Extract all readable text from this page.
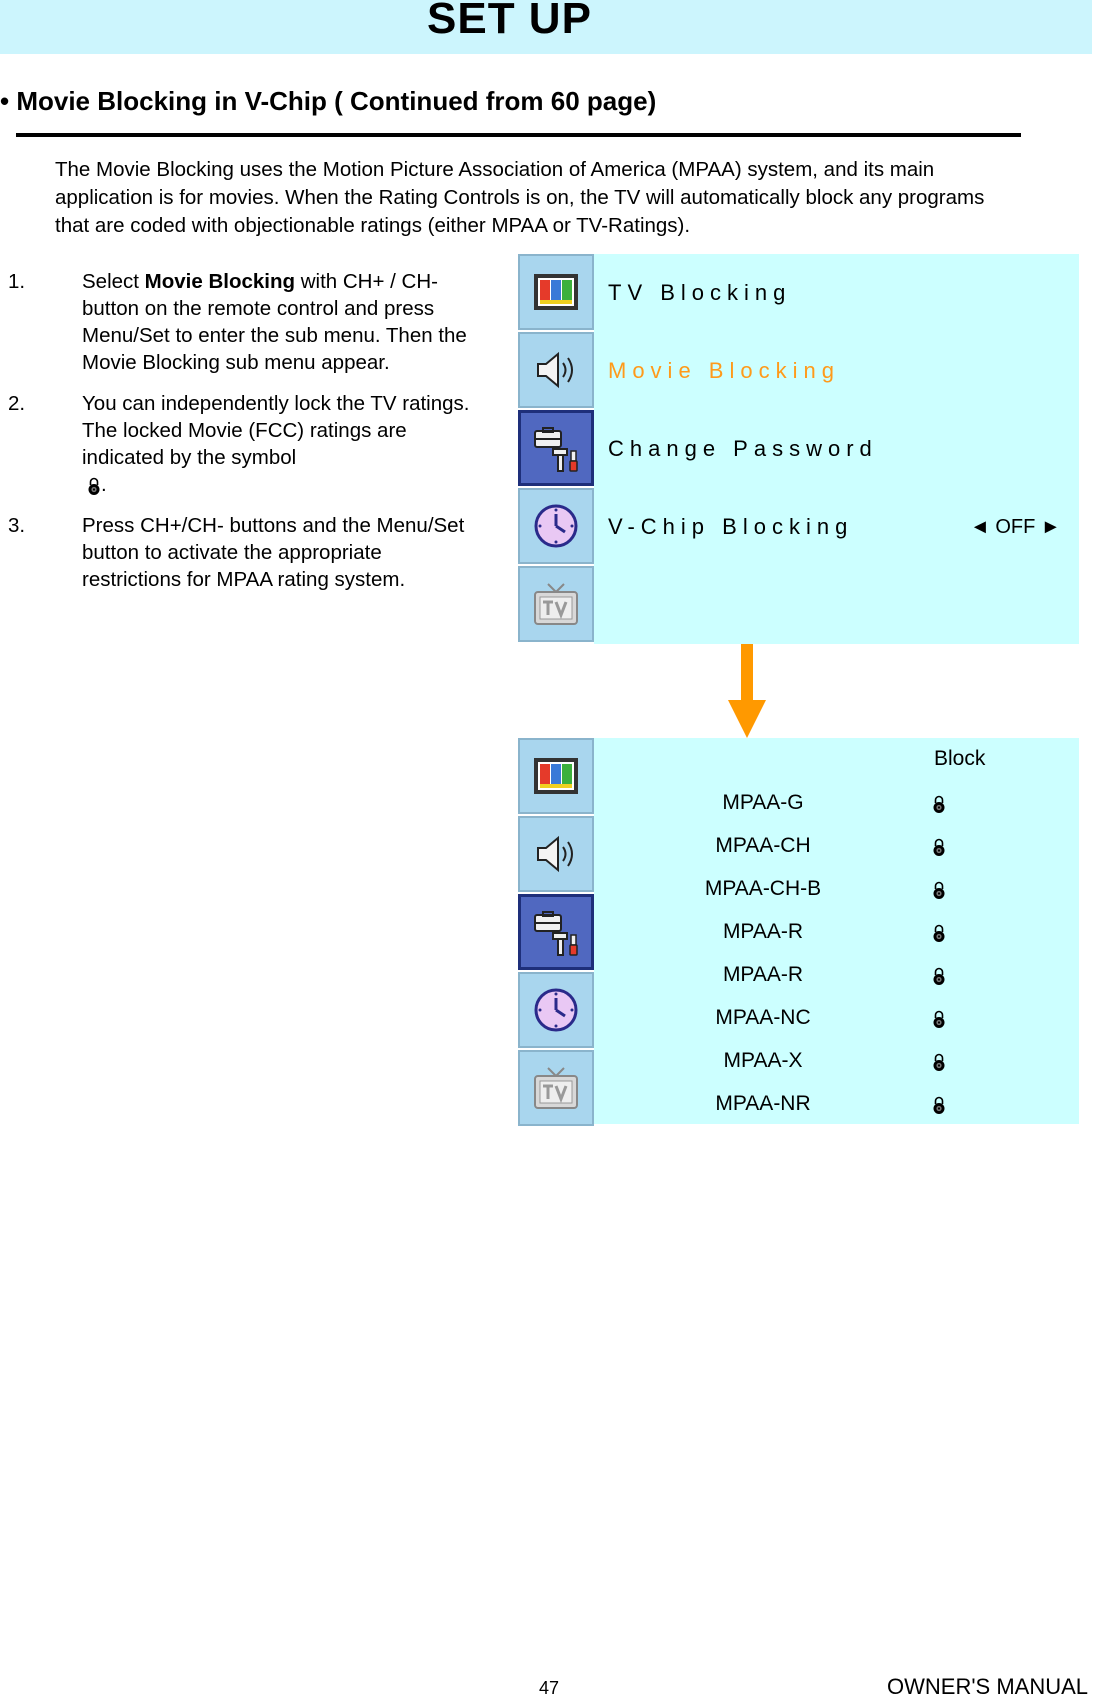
SET UP
• Movie Blocking in V-Chip ( Continued from 60 page)
The Movie Blocking uses the Motion Picture Association of America (MPAA) system, and its main application is for movies. When the Rating Controls is on, the TV will automatically block any programs that are coded with objectionable ratings (either MPAA or TV-Ratings).
1.	Select Movie Blocking with CH+ / CH- button on the remote control and press Menu/Set to enter the sub menu. Then the Movie Blocking sub menu appear.
2.	You can independently lock the TV ratings. The locked Movie (FCC) ratings are indicated by the symbol
.
3.	Press CH+/CH- buttons and the Menu/Set button to activate the appropriate restrictions for MPAA rating system.
TV Blocking
Movie Blocking
Change Password
V-Chip Blocking	◄ OFF ►
Block
MPAA-G
MPAA-CH
MPAA-CH-B
MPAA-R
MPAA-R
MPAA-NC
MPAA-X
MPAA-NR
47	OWNER'S MANUAL
